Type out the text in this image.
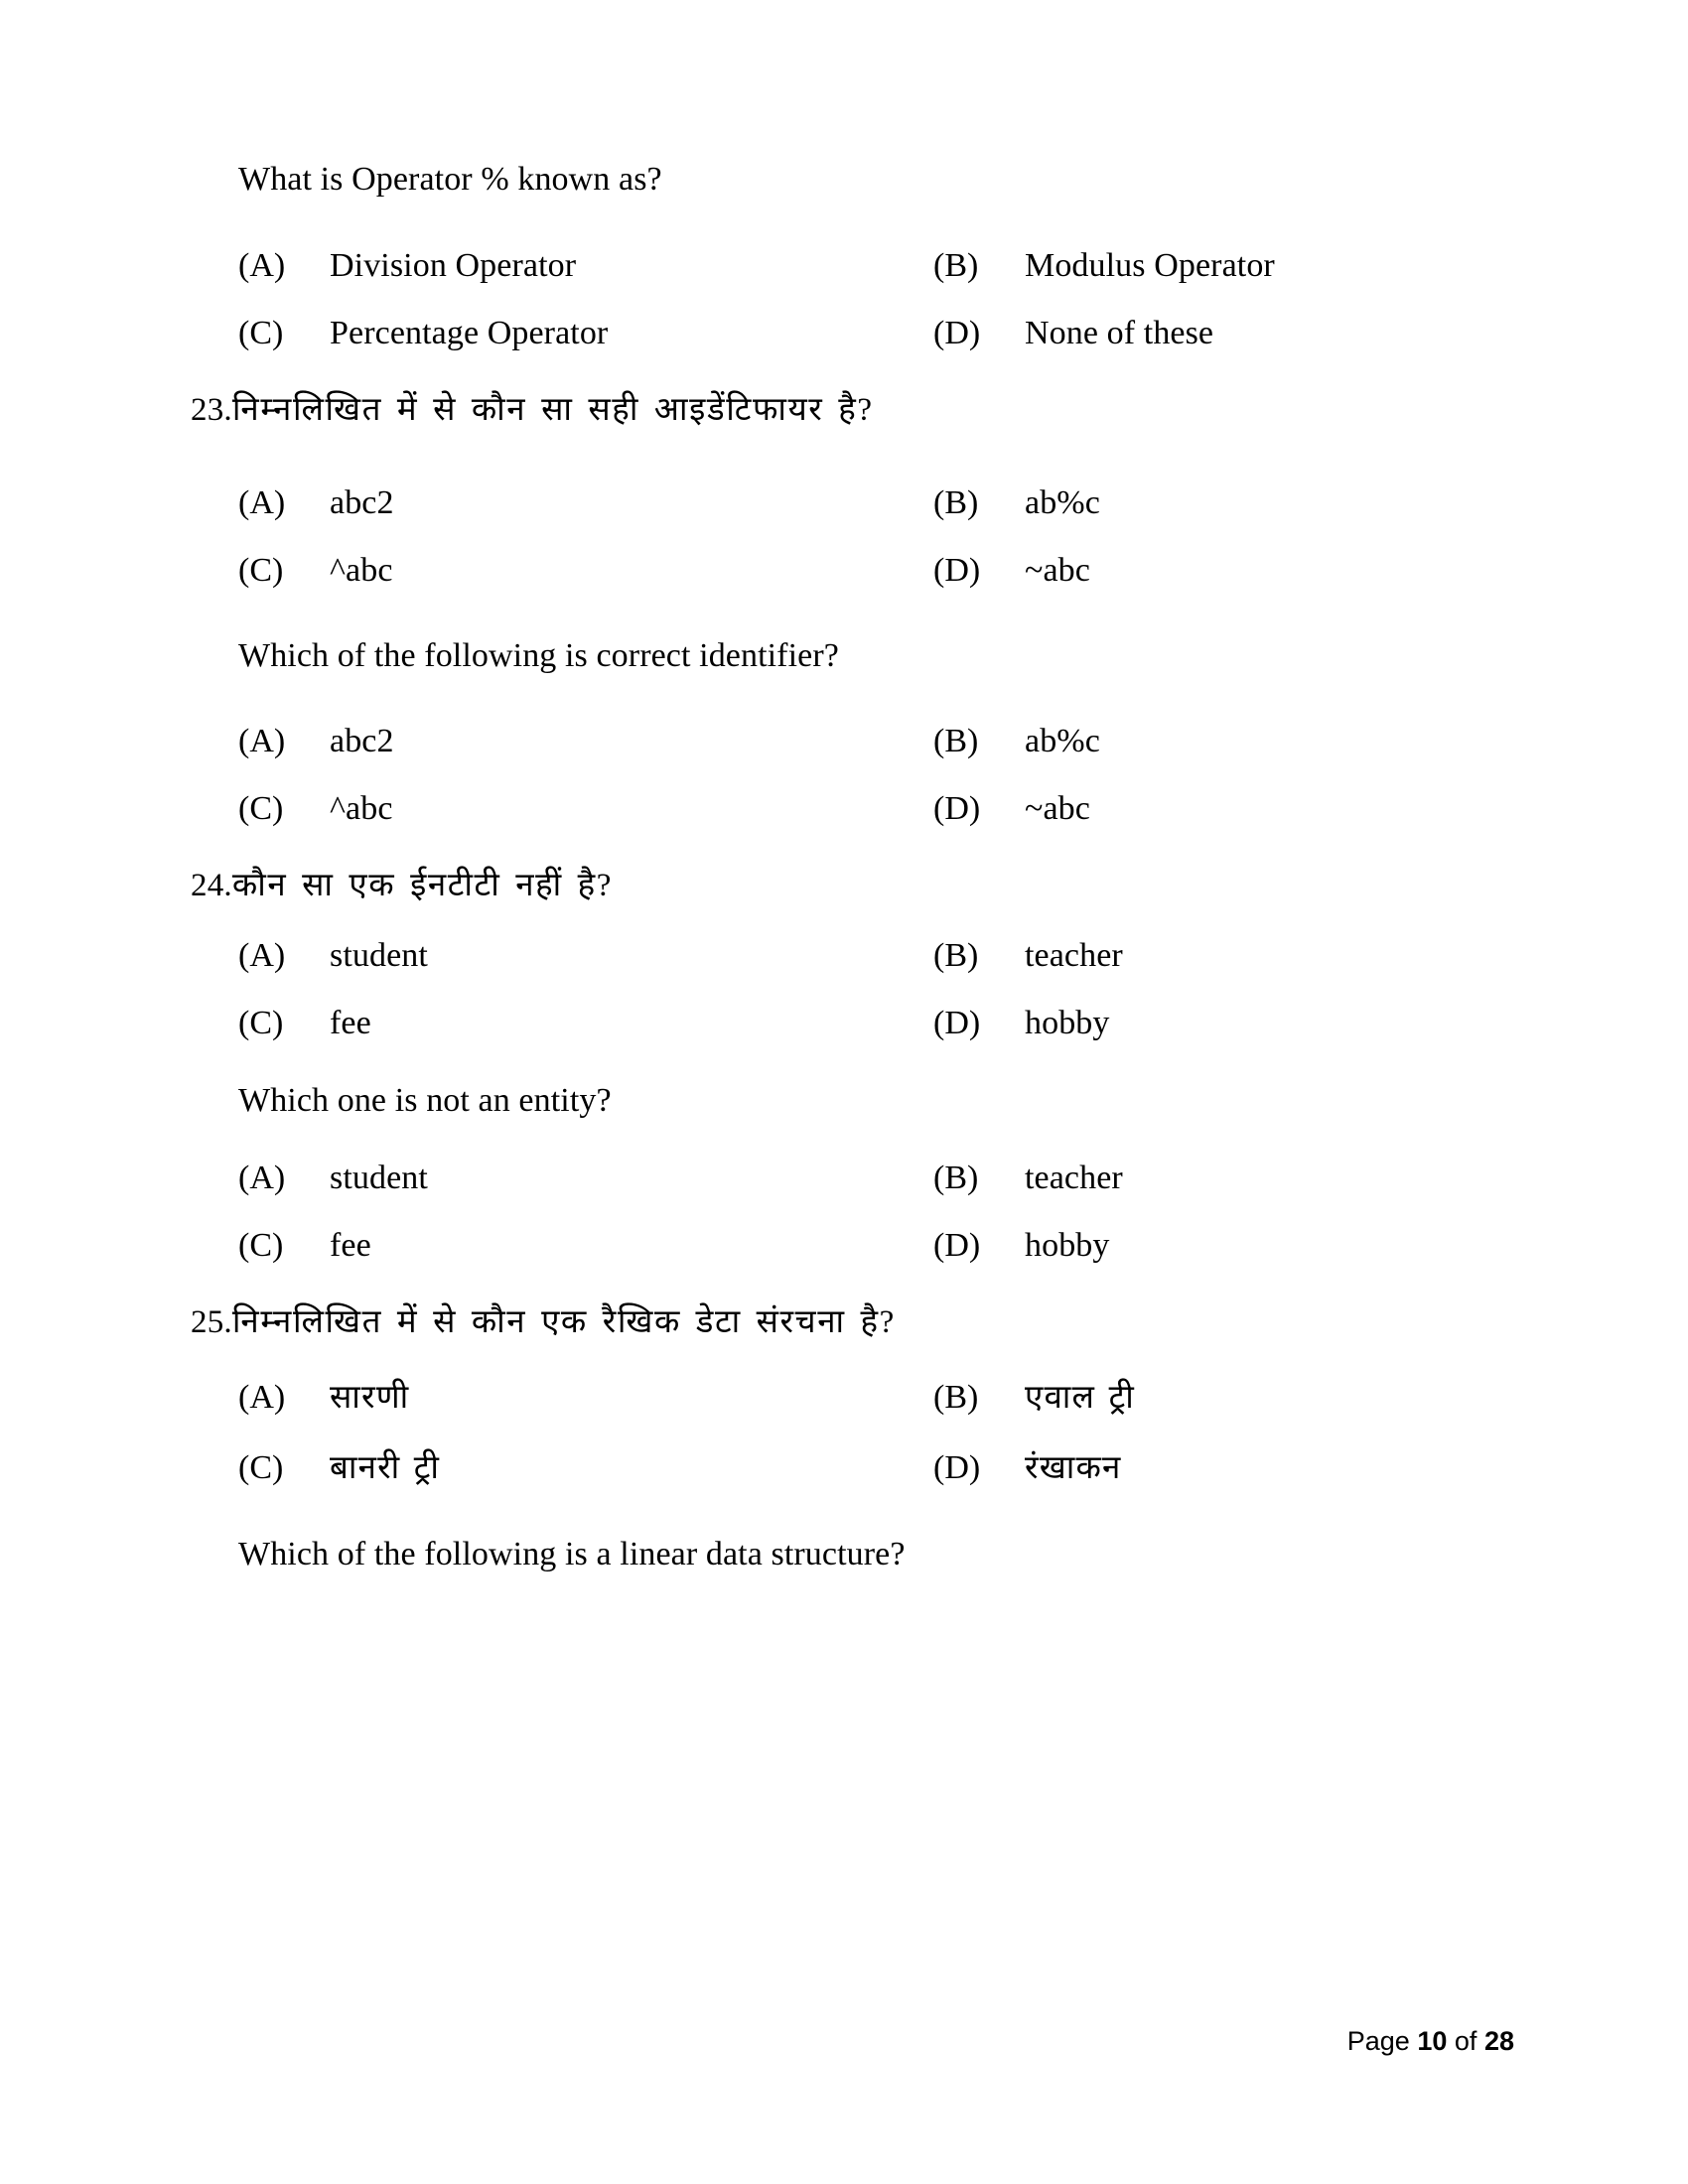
What is Operator % known as?
(A)	Division Operator	(B)	Modulus Operator
(C)	Percentage Operator	(D)	None of these
23. निम्नलिखित में से कौन सा सही आइडेंटिफायर है?
(A)	abc2	(B)	ab%c
(C)	^abc	(D)	~abc
Which of the following is correct identifier?
(A)	abc2	(B)	ab%c
(C)	^abc	(D)	~abc
24. कौन सा एक ईनटीटी नहीं है?
(A)	student	(B)	teacher
(C)	fee	(D)	hobby
Which one is not an entity?
(A)	student	(B)	teacher
(C)	fee	(D)	hobby
25. निम्नलिखित में से कौन एक रैखिक डेटा संरचना है?
(A)	सारणी	(B)	एवाल ट्री
(C)	बानरी ट्री	(D)	रंखाकन
Which of the following is a linear data structure?
Page 10 of 28
